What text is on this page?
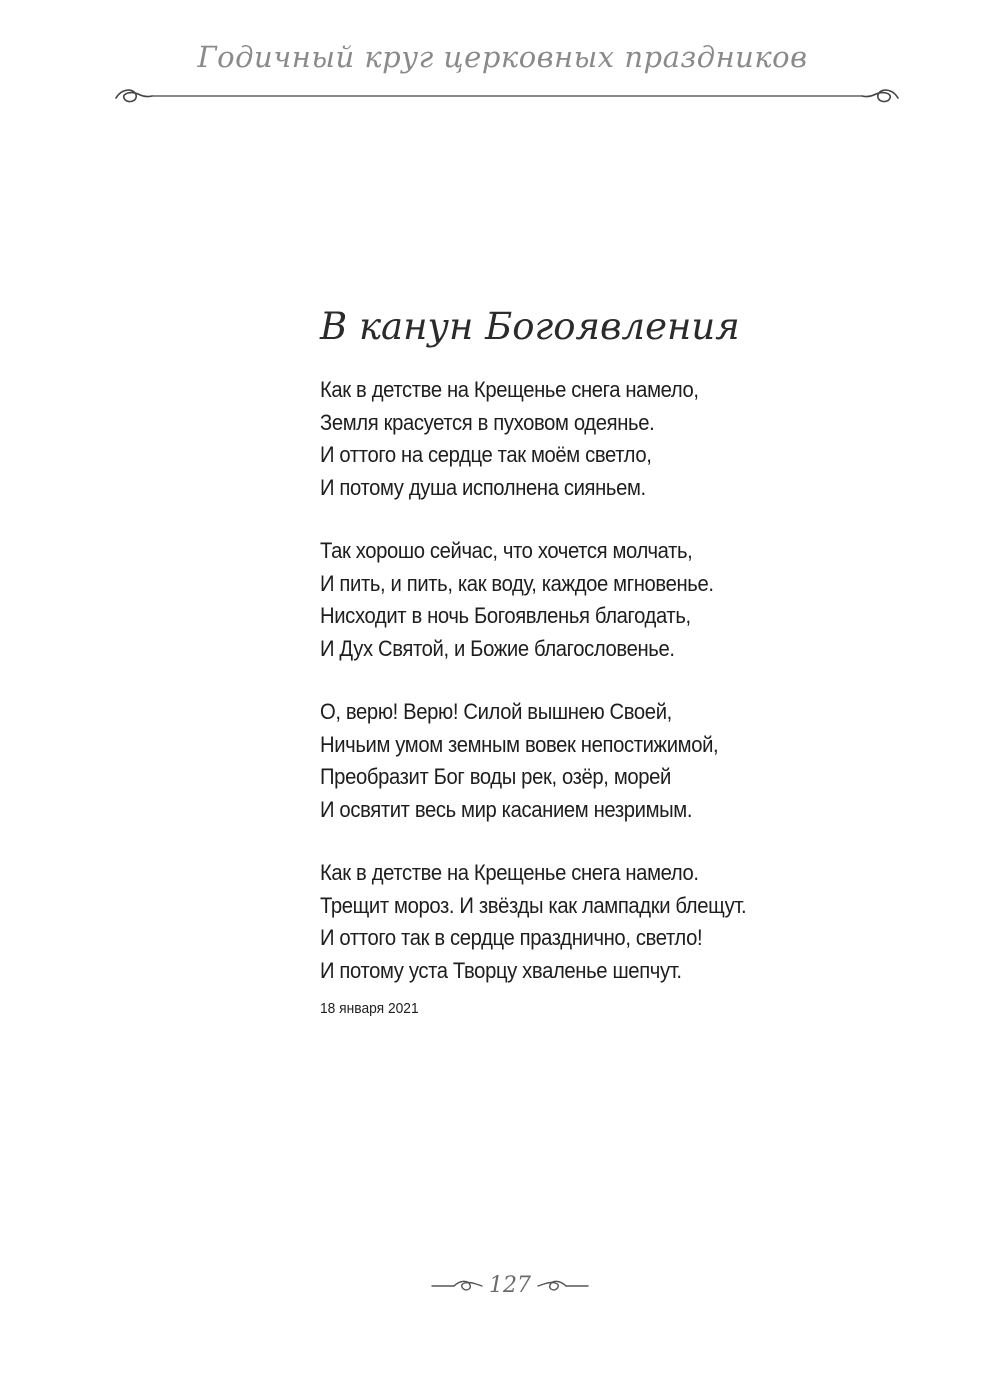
Годичный круг церковных праздников
В канун Богоявления
Как в детстве на Крещенье снега намело,
Земля красуется в пуховом одеянье.
И оттого на сердце так моём светло,
И потому душа исполнена сияньем.
Так хорошо сейчас, что хочется молчать,
И пить, и пить, как воду, каждое мгновенье.
Нисходит в ночь Богоявленья благодать,
И Дух Святой, и Божие благословенье.
О, верю! Верю! Силой вышнею Своей,
Ничьим умом земным вовек непостижимой,
Преобразит Бог воды рек, озёр, морей
И освятит весь мир касанием незримым.
Как в детстве на Крещенье снега намело.
Трещит мороз. И звёзды как лампадки блещут.
И оттого так в сердце празднично, светло!
И потому уста Творцу хваленье шепчут.
18 января 2021
127
